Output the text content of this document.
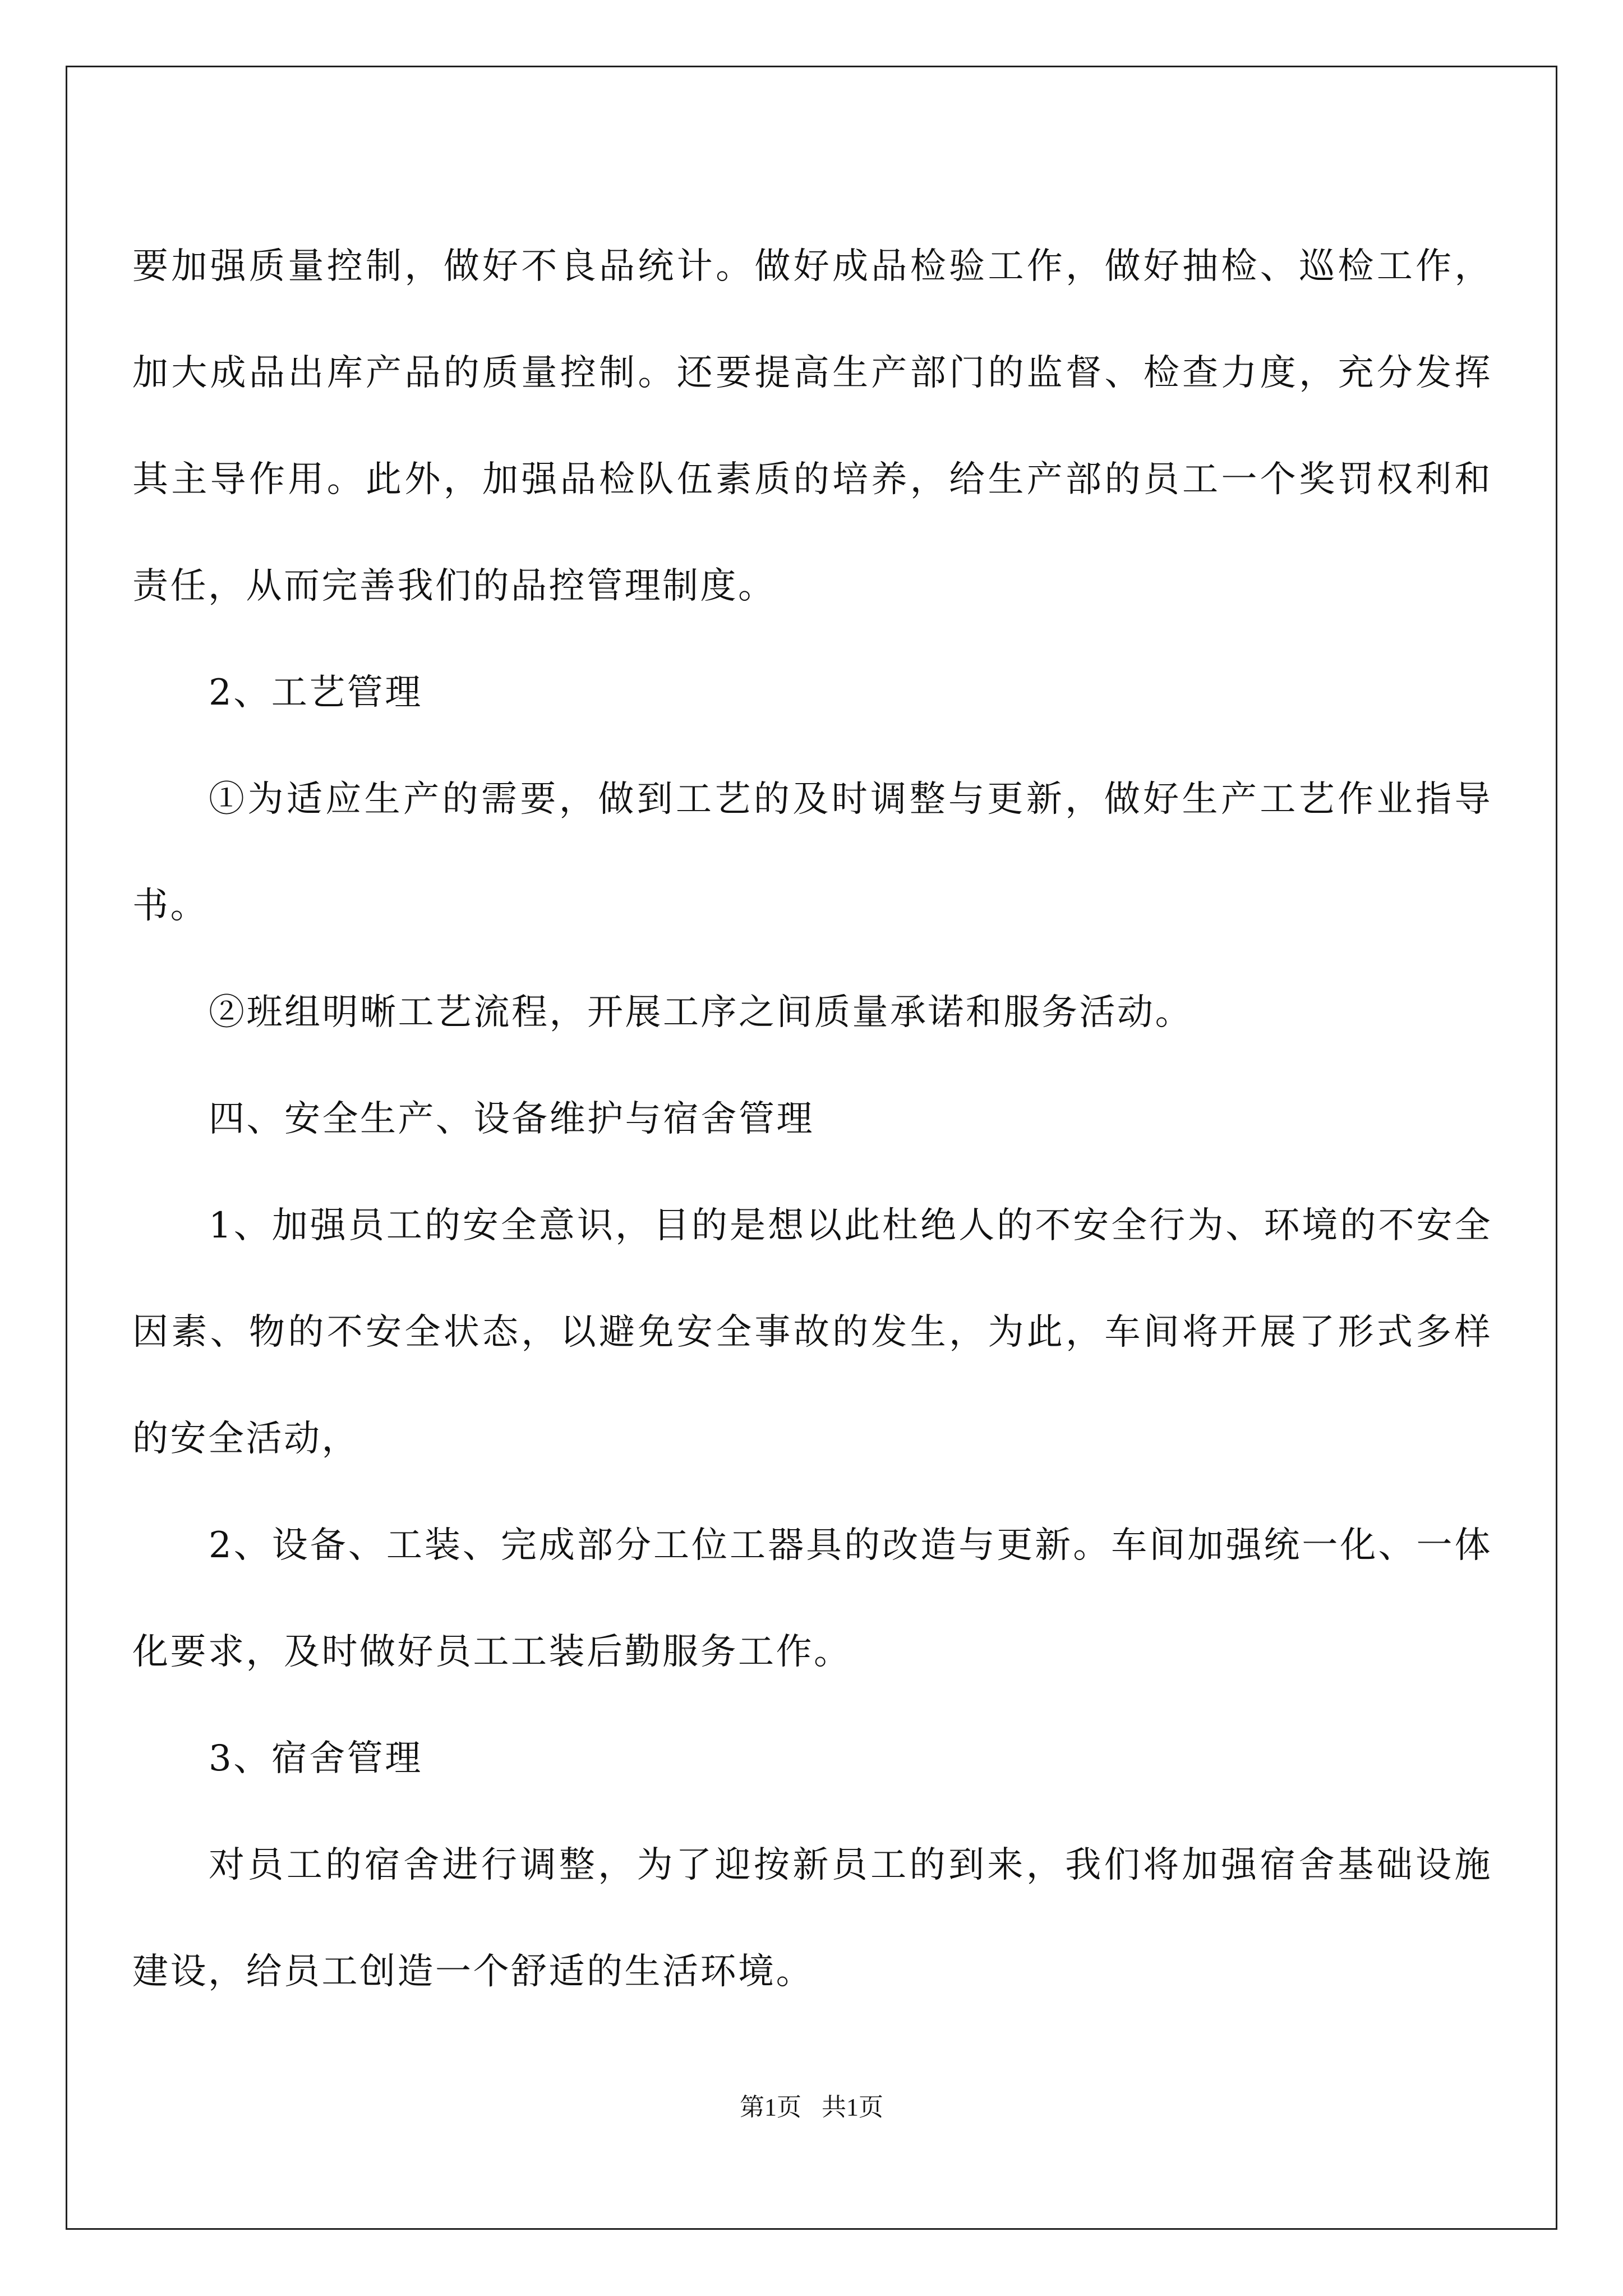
要加强质量控制，做好不良品统计。做好成品检验工作，做好抽检、巡检工作，加大成品出库产品的质量控制。还要提高生产部门的监督、检查力度，充分发挥其主导作用。此外，加强品检队伍素质的培养，给生产部的员工一个奖罚权利和责任，从而完善我们的品控管理制度。

2、工艺管理

①为适应生产的需要，做到工艺的及时调整与更新，做好生产工艺作业指导书。

②班组明晰工艺流程，开展工序之间质量承诺和服务活动。

四、安全生产、设备维护与宿舍管理

1、加强员工的安全意识，目的是想以此杜绝人的不安全行为、环境的不安全因素、物的不安全状态，以避免安全事故的发生，为此，车间将开展了形式多样的安全活动，

2、设备、工装、完成部分工位工器具的改造与更新。车间加强统一化、一体化要求，及时做好员工工装后勤服务工作。

3、宿舍管理

对员工的宿舍进行调整，为了迎按新员工的到来，我们将加强宿舍基础设施建设，给员工创造一个舒适的生活环境。

第1页 共1页
